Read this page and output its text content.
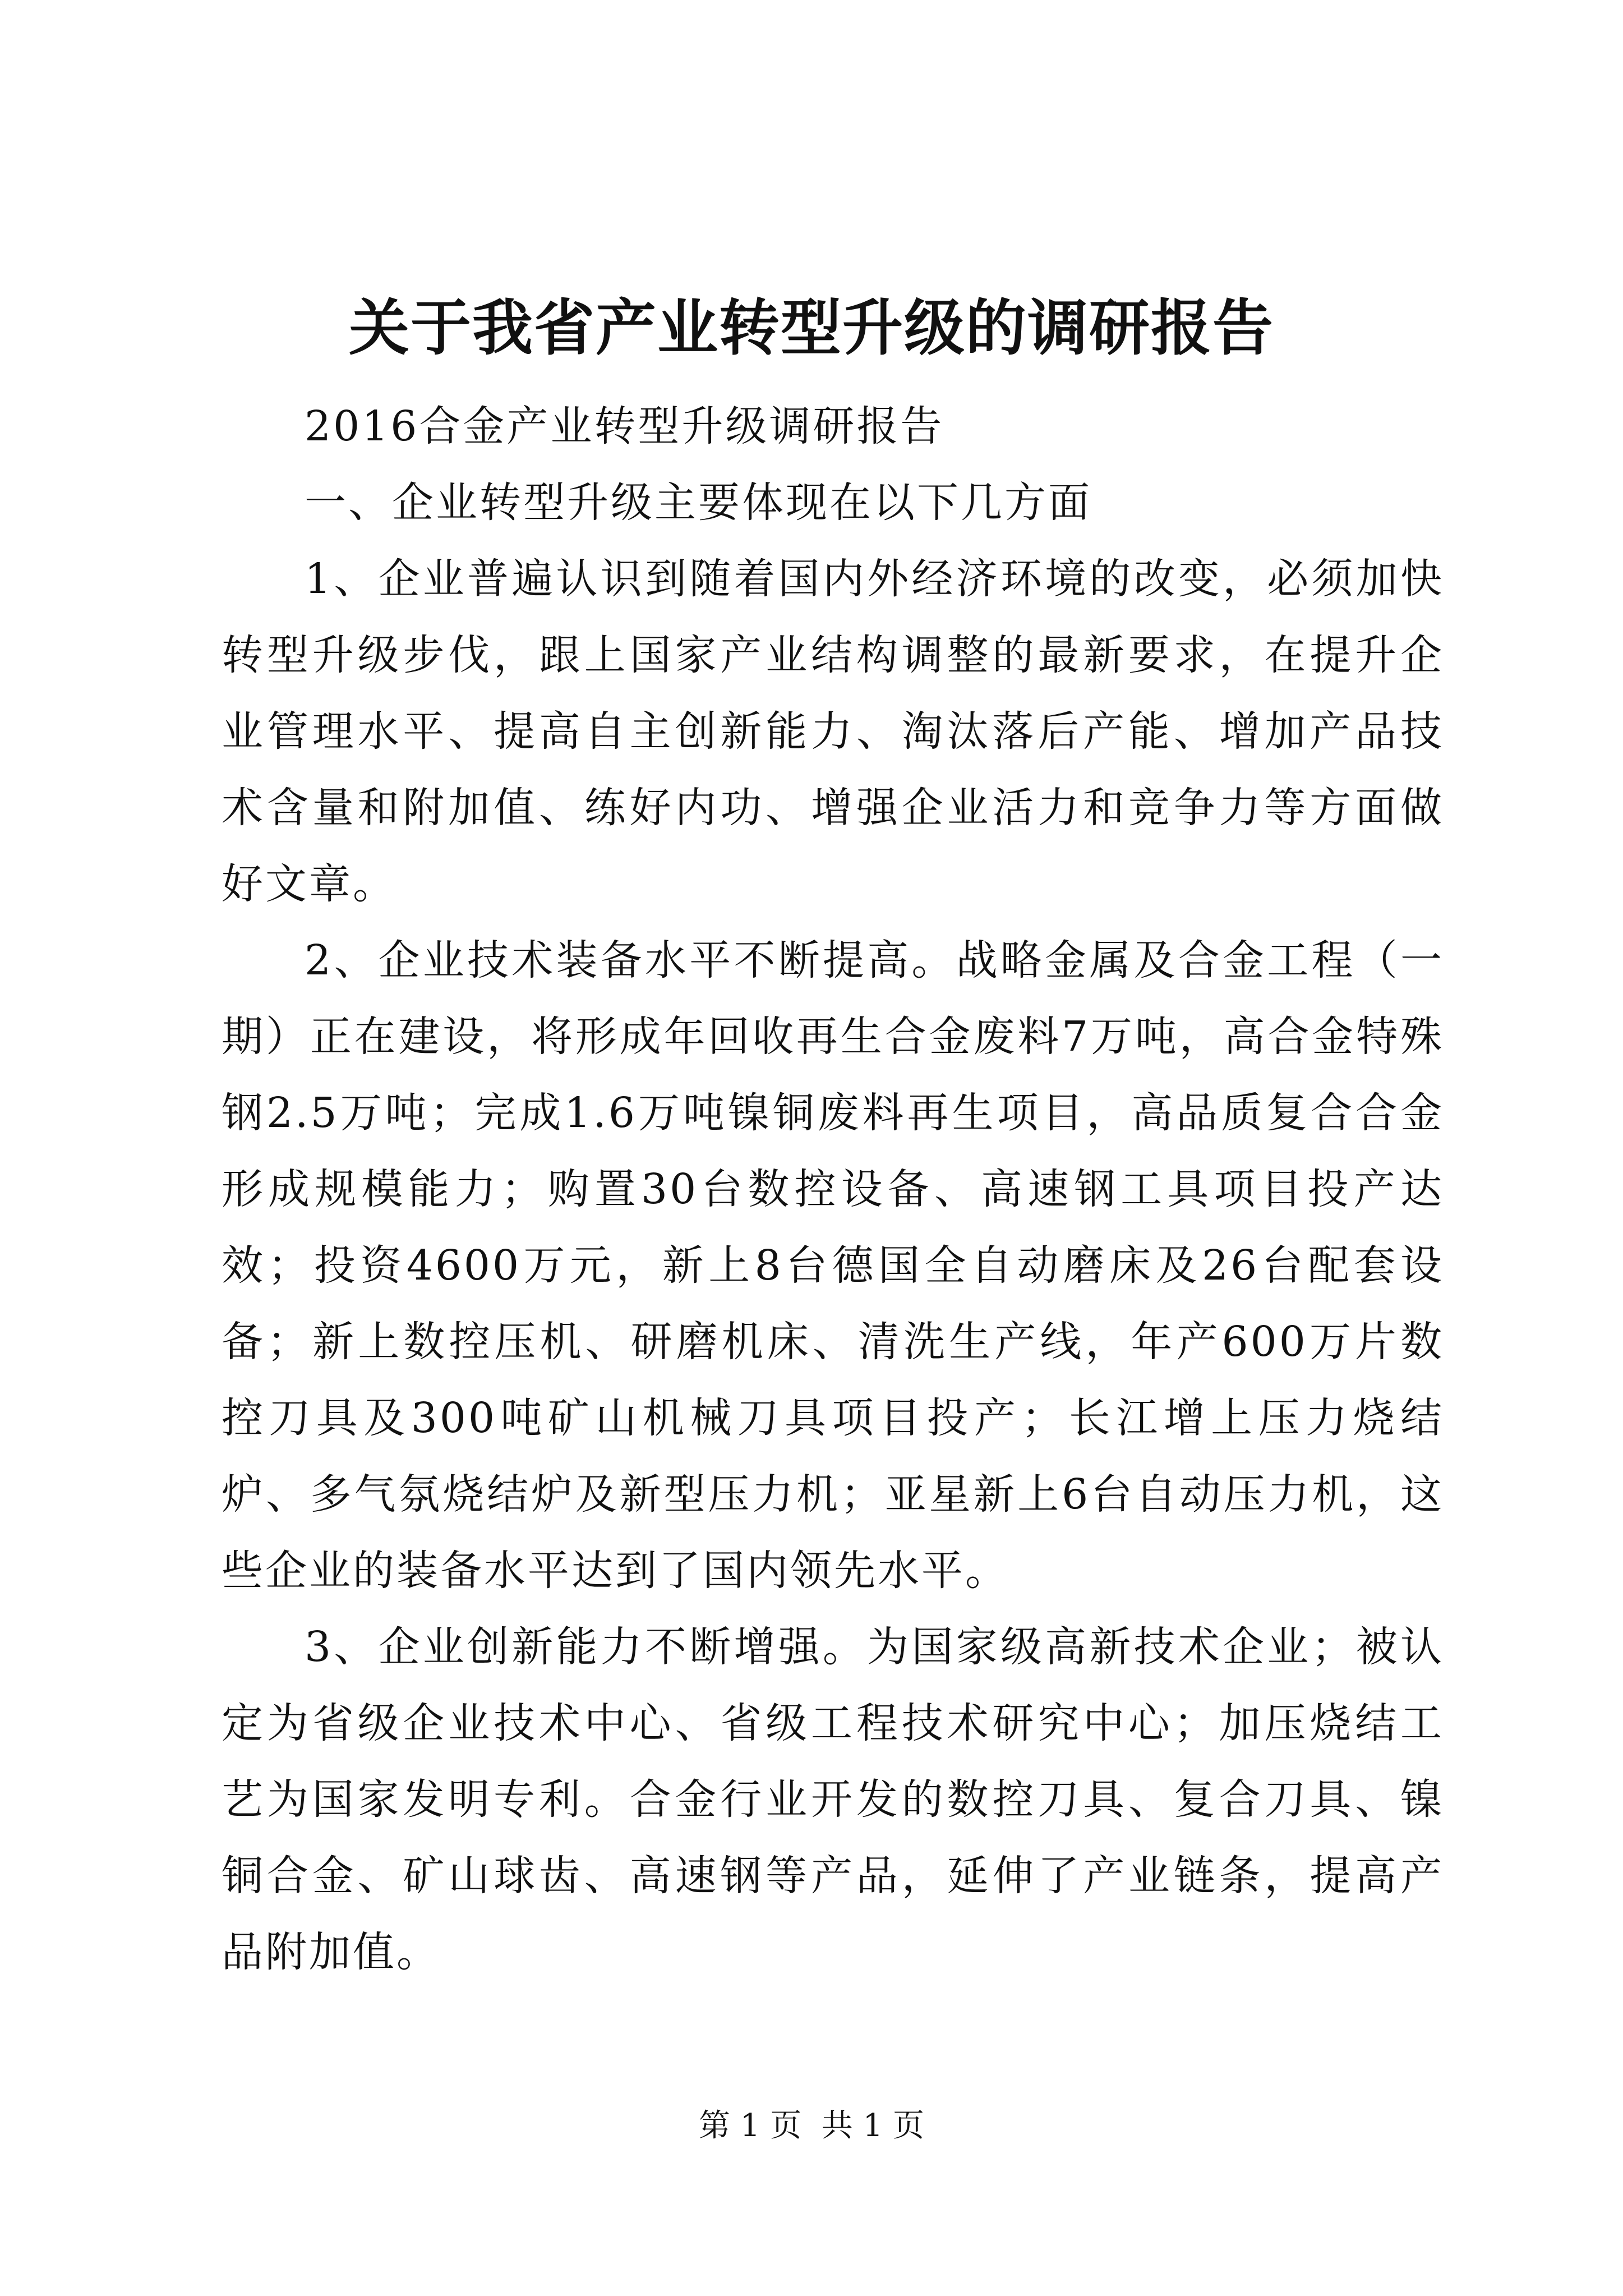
关于我省产业转型升级的调研报告

2016合金产业转型升级调研报告

一、企业转型升级主要体现在以下几方面

1、企业普遍认识到随着国内外经济环境的改变，必须加快转型升级步伐，跟上国家产业结构调整的最新要求，在提升企业管理水平、提高自主创新能力、淘汰落后产能、增加产品技术含量和附加值、练好内功、增强企业活力和竞争力等方面做好文章。

2、企业技术装备水平不断提高。战略金属及合金工程（一期）正在建设，将形成年回收再生合金废料7万吨，高合金特殊钢2.5万吨；完成1.6万吨镍铜废料再生项目，高品质复合合金形成规模能力；购置30台数控设备、高速钢工具项目投产达效；投资4600万元，新上8台德国全自动磨床及26台配套设备；新上数控压机、研磨机床、清洗生产线，年产600万片数控刀具及300吨矿山机械刀具项目投产；长江增上压力烧结炉、多气氛烧结炉及新型压力机；亚星新上6台自动压力机，这些企业的装备水平达到了国内领先水平。

3、企业创新能力不断增强。为国家级高新技术企业；被认定为省级企业技术中心、省级工程技术研究中心；加压烧结工艺为国家发明专利。合金行业开发的数控刀具、复合刀具、镍铜合金、矿山球齿、高速钢等产品，延伸了产业链条，提高产品附加值。

第 1 页  共 1 页
